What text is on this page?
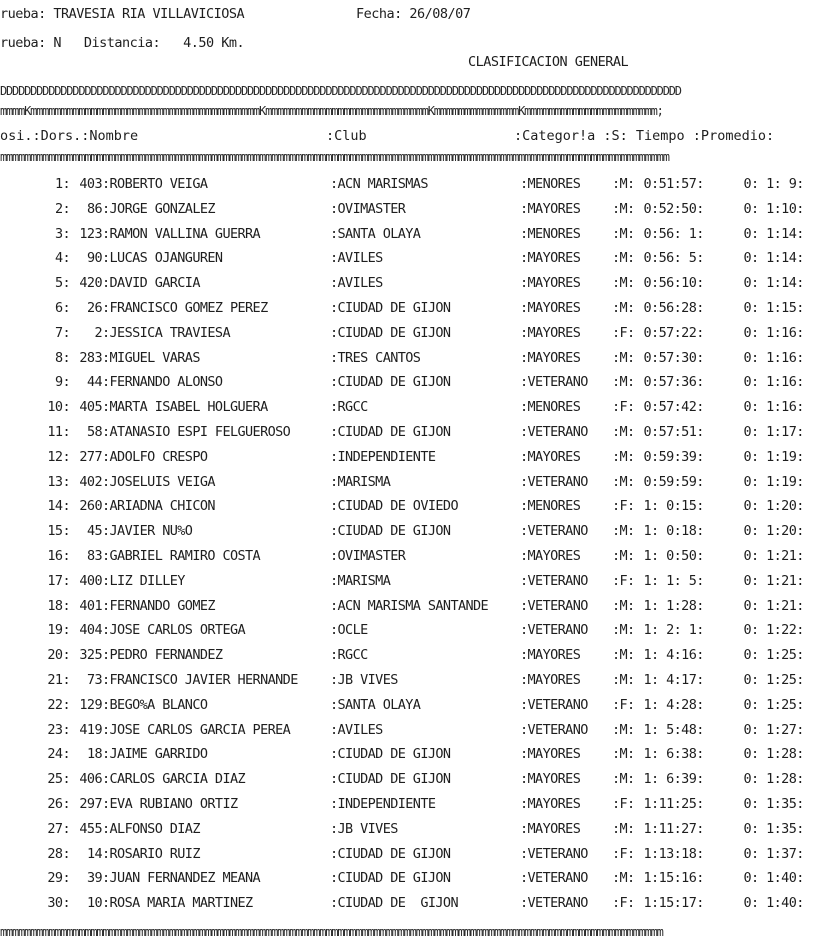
rueba: TRAVESIA RIA VILLAVICIOSA	Fecha: 26/08/07
rueba: N   Distancia:   4.50 Km.
CLASIFICACION GENERAL
DDDDDDDDDDDDDDDDDDDDDDDDDDDDDDDDDDDDDDDDDDDDDDDDDDDDDDDDDDDDDDDDDDDDDDDDDDDDDDDDDDDDDDDDDDDDDDDDDDDDDDDDDDDDDDDDD
mmmmKmmmmmmmmmmmmmmmmmmmmmmmmmmmmmmmmmmmmmmKmmmmmmmmmmmmmmmmmmmmmmmmmmmKmmmmmmmmmmmmmmKmmmmmmmmmmmmmmmmmmmmmm;
osi.:Dors.:Nombre	:Club	:Categor!a :S: Tiempo :Promedio:
mmmmmmmmmmmmmmmmmmmmmmmmmmmmmmmmmmmmmmmmmmmmmmmmmmmmmmmmmmmmmmmmmmmmmmmmmmmmmmmmmmmmmmmmmmmmmmmmmmmmmmmmmmmmmmm
1: 403 :ROBERTO VEIGA	:ACN MARISMAS	:MENORES :M: 0:51:57: 0: 1: 9:
2:	86 :JORGE GONZALEZ	:OVIMASTER	:MAYORES :M: 0:52:50: 0: 1:10:
3: 123 :RAMON VALLINA GUERRA	:SANTA OLAYA	:MENORES :M: 0:56: 1: 0: 1:14:
4:	90 :LUCAS OJANGUREN	:AVILES	:MAYORES :M: 0:56: 5: 0: 1:14:
5: 420 :DAVID GARCIA	:AVILES	:MAYORES :M: 0:56:10: 0: 1:14:
6:	26 :FRANCISCO GOMEZ PEREZ	:CIUDAD DE GIJON	:MAYORES :M: 0:56:28: 0: 1:15:
7:	2 :JESSICA TRAVIESA	:CIUDAD DE GIJON	:MAYORES :F: 0:57:22: 0: 1:16:
8: 283 :MIGUEL VARAS	:TRES CANTOS	:MAYORES :M: 0:57:30: 0: 1:16:
9:	44 :FERNANDO ALONSO	:CIUDAD DE GIJON	:VETERANO :M: 0:57:36: 0: 1:16:
10: 405 :MARTA ISABEL HOLGUERA	:RGCC	:MENORES :F: 0:57:42: 0: 1:16:
11:	58 :ATANASIO ESPI FELGUEROSO	:CIUDAD DE GIJON	:VETERANO :M: 0:57:51: 0: 1:17:
12: 277 :ADOLFO CRESPO	:INDEPENDIENTE	:MAYORES :M: 0:59:39: 0: 1:19:
13: 402 :JOSELUIS VEIGA	:MARISMA	:VETERANO :M: 0:59:59: 0: 1:19:
14: 260 :ARIADNA CHICON	:CIUDAD DE OVIEDO	:MENORES :F: 1: 0:15: 0: 1:20:
15:	45 :JAVIER NU%O	:CIUDAD DE GIJON	:VETERANO :M: 1: 0:18: 0: 1:20:
16:	83 :GABRIEL RAMIRO COSTA	:OVIMASTER	:MAYORES :M: 1: 0:50: 0: 1:21:
17: 400 :LIZ DILLEY	:MARISMA	:VETERANO :F: 1: 1: 5: 0: 1:21:
18: 401 :FERNANDO GOMEZ	:ACN MARISMA SANTANDE :VETERANO :M: 1: 1:28: 0: 1:21:
19: 404 :JOSE CARLOS ORTEGA	:OCLE	:VETERANO :M: 1: 2: 1: 0: 1:22:
20: 325 :PEDRO FERNANDEZ	:RGCC	:MAYORES :M: 1: 4:16: 0: 1:25:
21:	73 :FRANCISCO JAVIER HERNANDE :JB VIVES	:MAYORES :M: 1: 4:17: 0: 1:25:
22: 129 :BEGO%A BLANCO	:SANTA OLAYA	:VETERANO :F: 1: 4:28: 0: 1:25:
23: 419 :JOSE CARLOS GARCIA PEREA	:AVILES	:VETERANO :M: 1: 5:48: 0: 1:27:
24:	18 :JAIME GARRIDO	:CIUDAD DE GIJON	:MAYORES :M: 1: 6:38: 0: 1:28:
25: 406 :CARLOS GARCIA DIAZ	:CIUDAD DE GIJON	:MAYORES :M: 1: 6:39: 0: 1:28:
26: 297 :EVA RUBIANO ORTIZ	:INDEPENDIENTE	:MAYORES :F: 1:11:25: 0: 1:35:
27: 455 :ALFONSO DIAZ	:JB VIVES	:MAYORES :M: 1:11:27: 0: 1:35:
28:	14 :ROSARIO RUIZ	:CIUDAD DE GIJON	:VETERANO :F: 1:13:18: 0: 1:37:
29:	39 :JUAN FERNANDEZ MEANA	:CIUDAD DE GIJON	:VETERANO :M: 1:15:16: 0: 1:40:
30:	10 :ROSA MARIA MARTINEZ	:CIUDAD DE  GIJON	:VETERANO :F: 1:15:17: 0: 1:40:
mmmmmmmmmmmmmmmmmmmmmmmmmmmmmmmmmmmmmmmmmmmmmmmmmmmmmmmmmmmmmmmmmmmmmmmmmmmmmmmmmmmmmmmmmmmmmmmmmmmmmmmmmmmmmm
